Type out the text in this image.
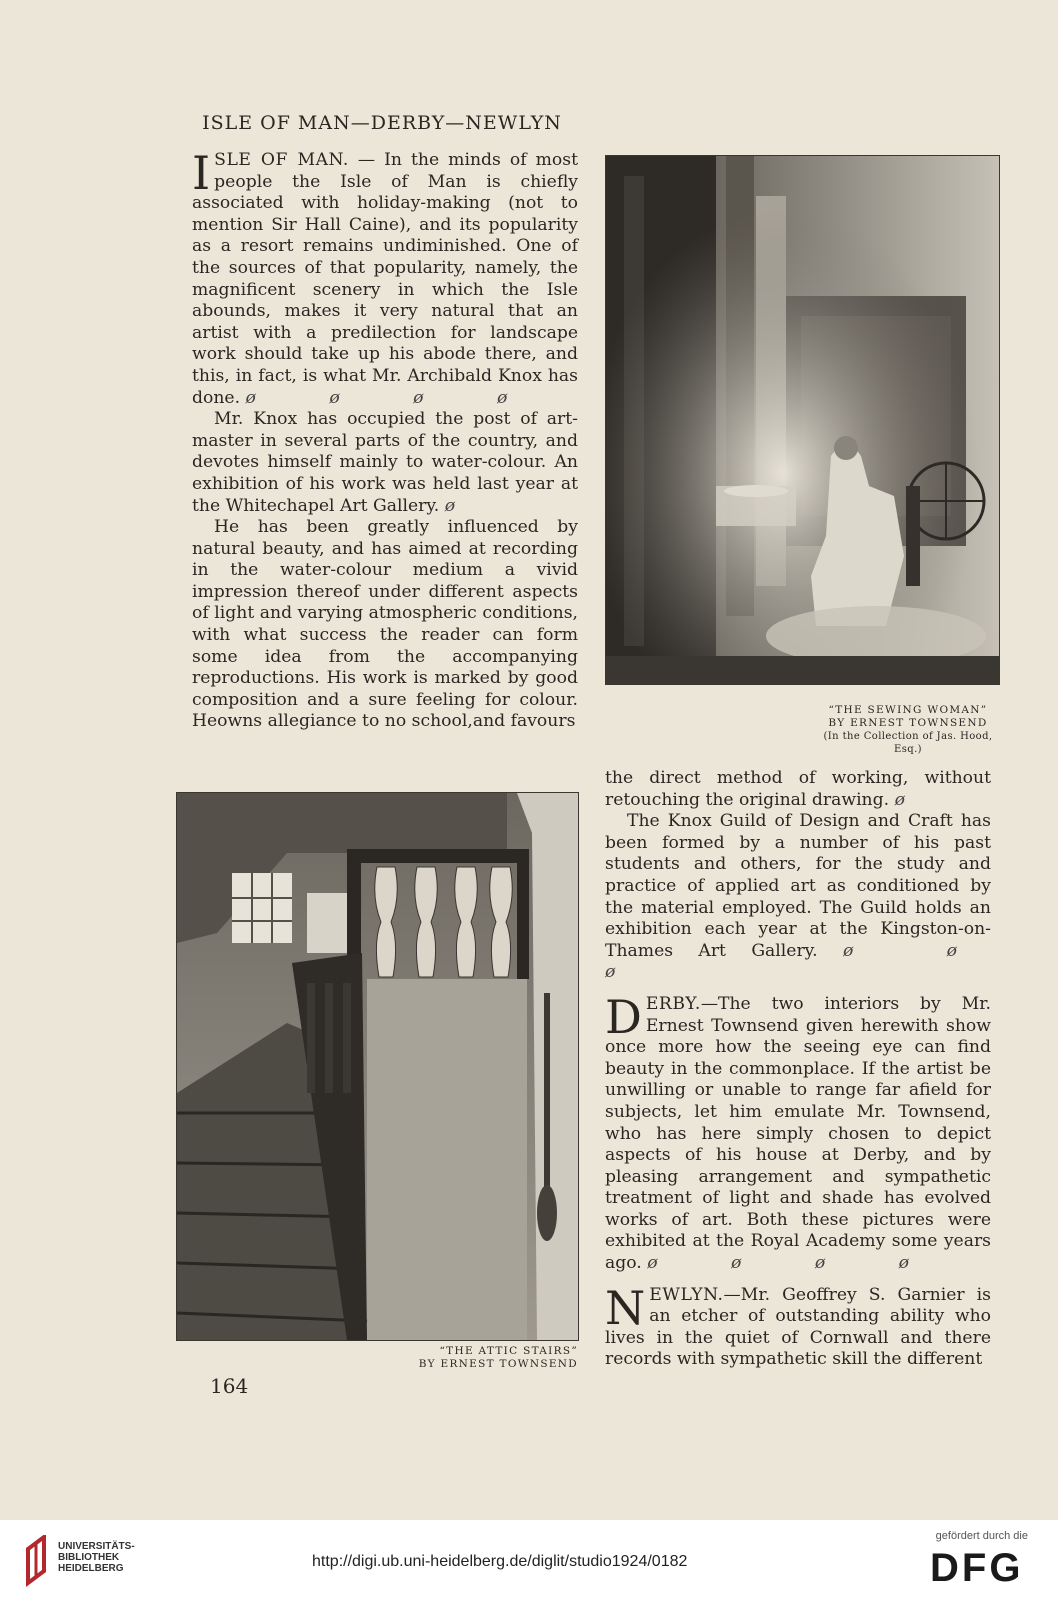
ISLE OF MAN—DERBY—NEWLYN

ISLE OF MAN. — In the minds of most people the Isle of Man is chiefly associated with holiday-making (not to mention Sir Hall Caine), and its popularity as a resort remains undiminished. One of the sources of that popularity, namely, the magnificent scenery in which the Isle abounds, makes it very natural that an artist with a predilection for landscape work should take up his abode there, and this, in fact, is what Mr. Archibald Knox has done. ø ø ø ø

Mr. Knox has occupied the post of art-master in several parts of the country, and devotes himself mainly to water-colour. An exhibition of his work was held last year at the Whitechapel Art Gallery. ø

He has been greatly influenced by natural beauty, and has aimed at recording in the water-colour medium a vivid impression thereof under different aspects of light and varying atmospheric conditions, with what success the reader can form some idea from the accompanying reproductions. His work is marked by good composition and a sure feeling for colour. Heowns allegiance to no school,and favours

“THE SEWING WOMAN”
BY ERNEST TOWNSEND
(In the Collection of Jas. Hood, Esq.)

the direct method of working, without retouching the original drawing. ø

The Knox Guild of Design and Craft has been formed by a number of his past students and others, for the study and practice of applied art as conditioned by the material employed. The Guild holds an exhibition each year at the Kingston-on-Thames Art Gallery. ø ø ø

DERBY.—The two interiors by Mr. Ernest Townsend given herewith show once more how the seeing eye can find beauty in the commonplace. If the artist be unwilling or unable to range far afield for subjects, let him emulate Mr. Townsend, who has here simply chosen to depict aspects of his house at Derby, and by pleasing arrangement and sympathetic treatment of light and shade has evolved works of art. Both these pictures were exhibited at the Royal Academy some years ago. ø ø ø ø

NEWLYN.—Mr. Geoffrey S. Garnier is an etcher of outstanding ability who lives in the quiet of Cornwall and there records with sympathetic skill the different

“THE ATTIC STAIRS”
BY ERNEST TOWNSEND
164
UNIVERSITÄTS-
BIBLIOTHEK
HEIDELBERG	http://digi.ub.uni-heidelberg.de/diglit/studio1924/0182
gefördert durch die
DFG
